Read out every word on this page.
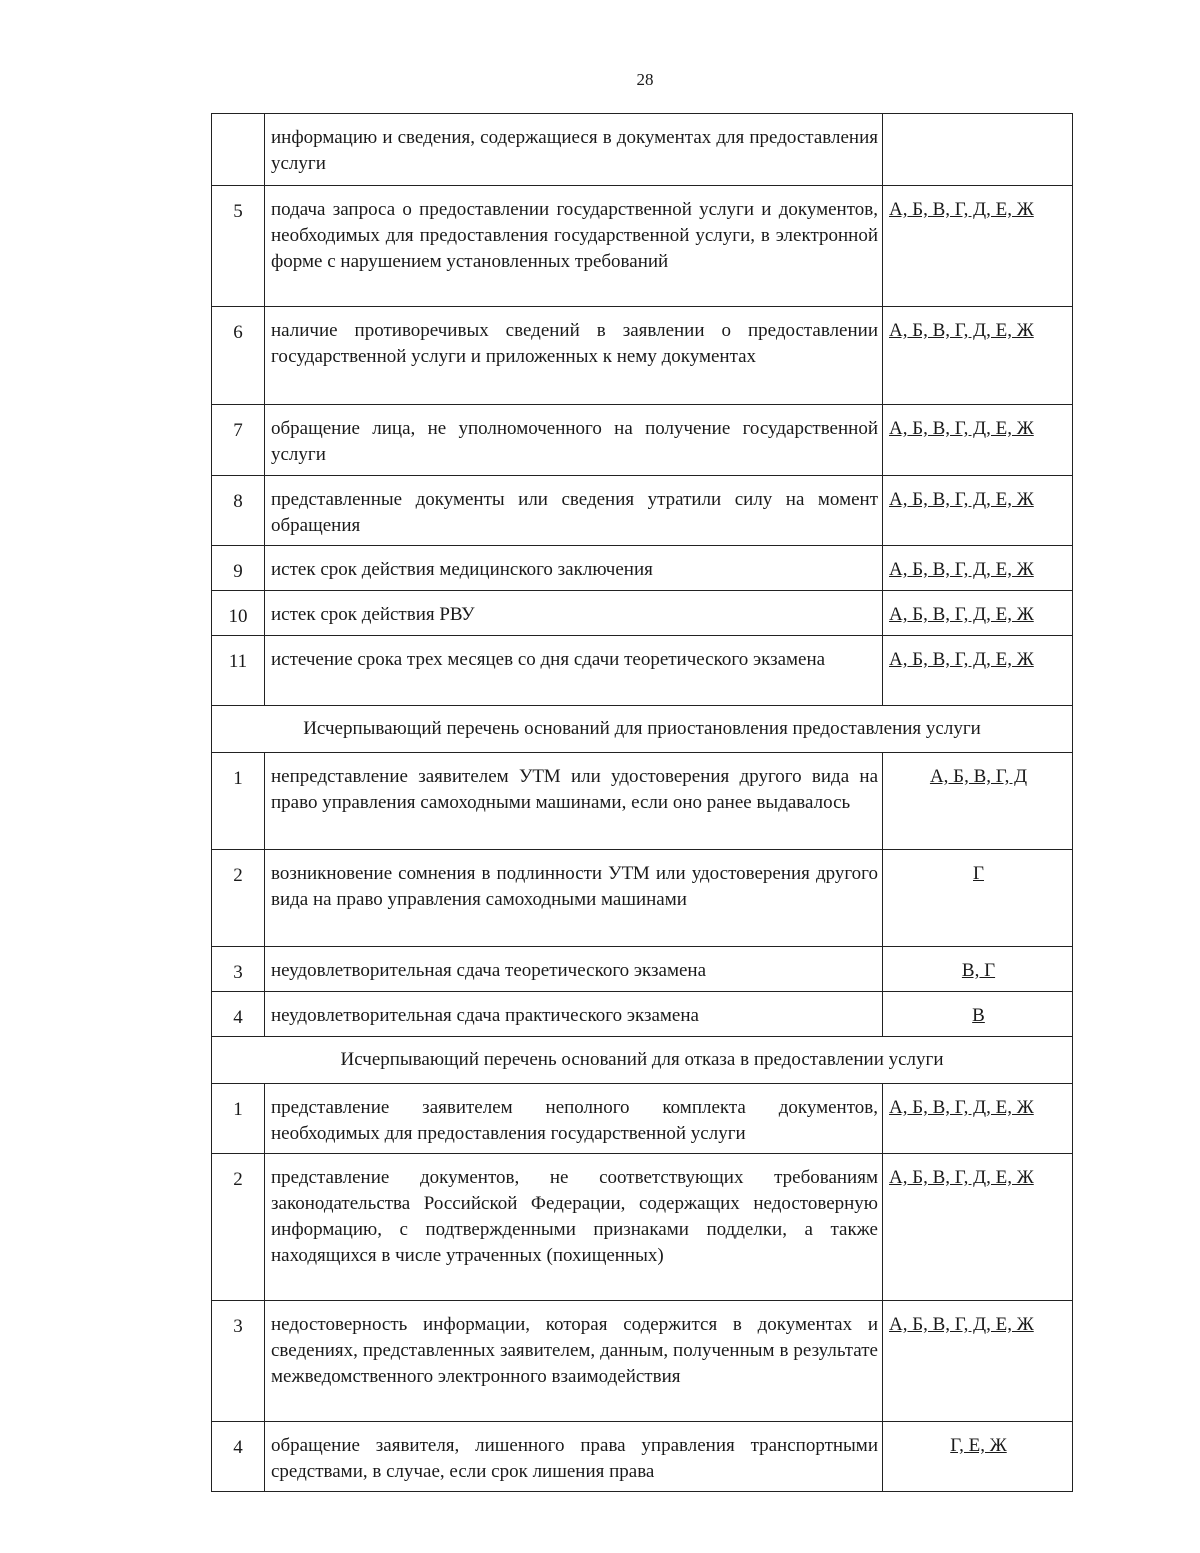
28
	информацию и сведения, содержащиеся в документах для предоставления услуги	
5	подача запроса о предоставлении государственной услуги и документов, необходимых для предоставления государственной услуги, в электронной форме с нарушением установленных требований	А, Б, В, Г, Д, Е, Ж
6	наличие противоречивых сведений в заявлении о предоставлении государственной услуги и приложенных к нему документах	А, Б, В, Г, Д, Е, Ж
7	обращение лица, не уполномоченного на получение государственной услуги	А, Б, В, Г, Д, Е, Ж
8	представленные документы или сведения утратили силу на момент обращения	А, Б, В, Г, Д, Е, Ж
9	истек срок действия медицинского заключения	А, Б, В, Г, Д, Е, Ж
10	истек срок действия РВУ	А, Б, В, Г, Д, Е, Ж
11	истечение срока трех месяцев со дня сдачи теоретического экзамена	А, Б, В, Г, Д, Е, Ж
Исчерпывающий перечень оснований для приостановления предоставления услуги		
1	непредставление заявителем УТМ или удостоверения другого вида на право управления самоходными машинами, если оно ранее выдавалось	А, Б, В, Г, Д
2	возникновение сомнения в подлинности УТМ или удостоверения другого вида на право управления самоходными машинами	Г
3	неудовлетворительная сдача теоретического экзамена	В, Г
4	неудовлетворительная сдача практического экзамена	В
Исчерпывающий перечень оснований для отказа в предоставлении услуги		
1	представление заявителем неполного комплекта документов, необходимых для предоставления государственной услуги	А, Б, В, Г, Д, Е, Ж
2	представление документов, не соответствующих требованиям законодательства Российской Федерации, содержащих недостоверную информацию, с подтвержденными признаками подделки, а также находящихся в числе утраченных (похищенных)	А, Б, В, Г, Д, Е, Ж
3	недостоверность информации, которая содержится в документах и сведениях, представленных заявителем, данным, полученным в результате межведомственного электронного взаимодействия	А, Б, В, Г, Д, Е, Ж
4	обращение заявителя, лишенного права управления транспортными средствами, в случае, если срок лишения права	Г, Е, Ж
